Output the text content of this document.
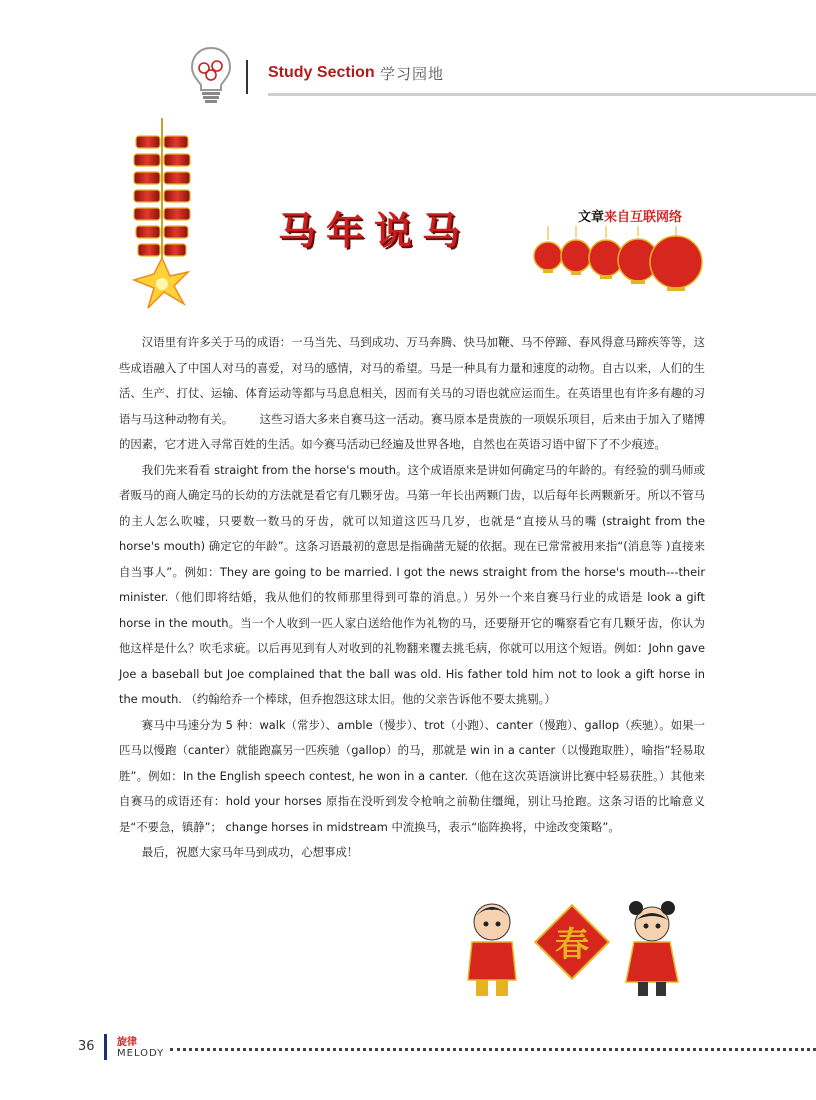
Study Section 学习园地
马年说马	文章来自互联网络

汉语里有许多关于马的成语：一马当先、马到成功、万马奔腾、快马加鞭、马不停蹄、春风得意马蹄疾等等，这些成语融入了中国人对马的喜爱，对马的感情，对马的希望。马是一种具有力量和速度的动物。自古以来，人们的生活、生产、打仗、运输、体育运动等都与马息息相关，因而有关马的习语也就应运而生。在英语里也有许多有趣的习语与马这种动物有关。 　　这些习语大多来自赛马这一活动。赛马原本是贵族的一项娱乐项目，后来由于加入了赌博的因素，它才进入寻常百姓的生活。如今赛马活动已经遍及世界各地，自然也在英语习语中留下了不少痕迹。

我们先来看看 straight from the horse's mouth。这个成语原来是讲如何确定马的年龄的。有经验的驯马师或者贩马的商人确定马的长幼的方法就是看它有几颗牙齿。马第一年长出两颗门齿，以后每年长两颗新牙。所以不管马的主人怎么吹嘘，只要数一数马的牙齿，就可以知道这匹马几岁，也就是“直接从马的嘴 (straight from the horse's mouth) 确定它的年龄”。这条习语最初的意思是指确凿无疑的依据。现在已常常被用来指“(消息等 )直接来自当事人”。例如：They are going to be married. I got the news straight from the horse's mouth---their minister.（他们即将结婚，我从他们的牧师那里得到可靠的消息。）另外一个来自赛马行业的成语是 look a gift horse in the mouth。当一个人收到一匹人家白送给他作为礼物的马，还要掰开它的嘴察看它有几颗牙齿，你认为他这样是什么？吹毛求疵。以后再见到有人对收到的礼物翻来覆去挑毛病，你就可以用这个短语。例如：John gave Joe a baseball but Joe complained that the ball was old. His father told him not to look a gift horse in the mouth. （约翰给乔一个棒球，但乔抱怨这球太旧。他的父亲告诉他不要太挑剔。）

赛马中马速分为 5 种：walk（常步）、amble（慢步）、trot（小跑）、canter（慢跑）、gallop（疾驰）。如果一匹马以慢跑（canter）就能跑赢另一匹疾驰（gallop）的马，那就是 win in a canter（以慢跑取胜），喻指“轻易取胜”。例如：In the English speech contest, he won in a canter.（他在这次英语演讲比赛中轻易获胜。）其他来自赛马的成语还有：hold your horses 原指在没听到发令枪响之前勒住缰绳，别让马抢跑。这条习语的比喻意义是“不要急，镇静”； change horses in midstream 中流换马，表示“临阵换将，中途改变策略”。

最后，祝愿大家马年马到成功，心想事成！

春
36 旋律
MELODY
